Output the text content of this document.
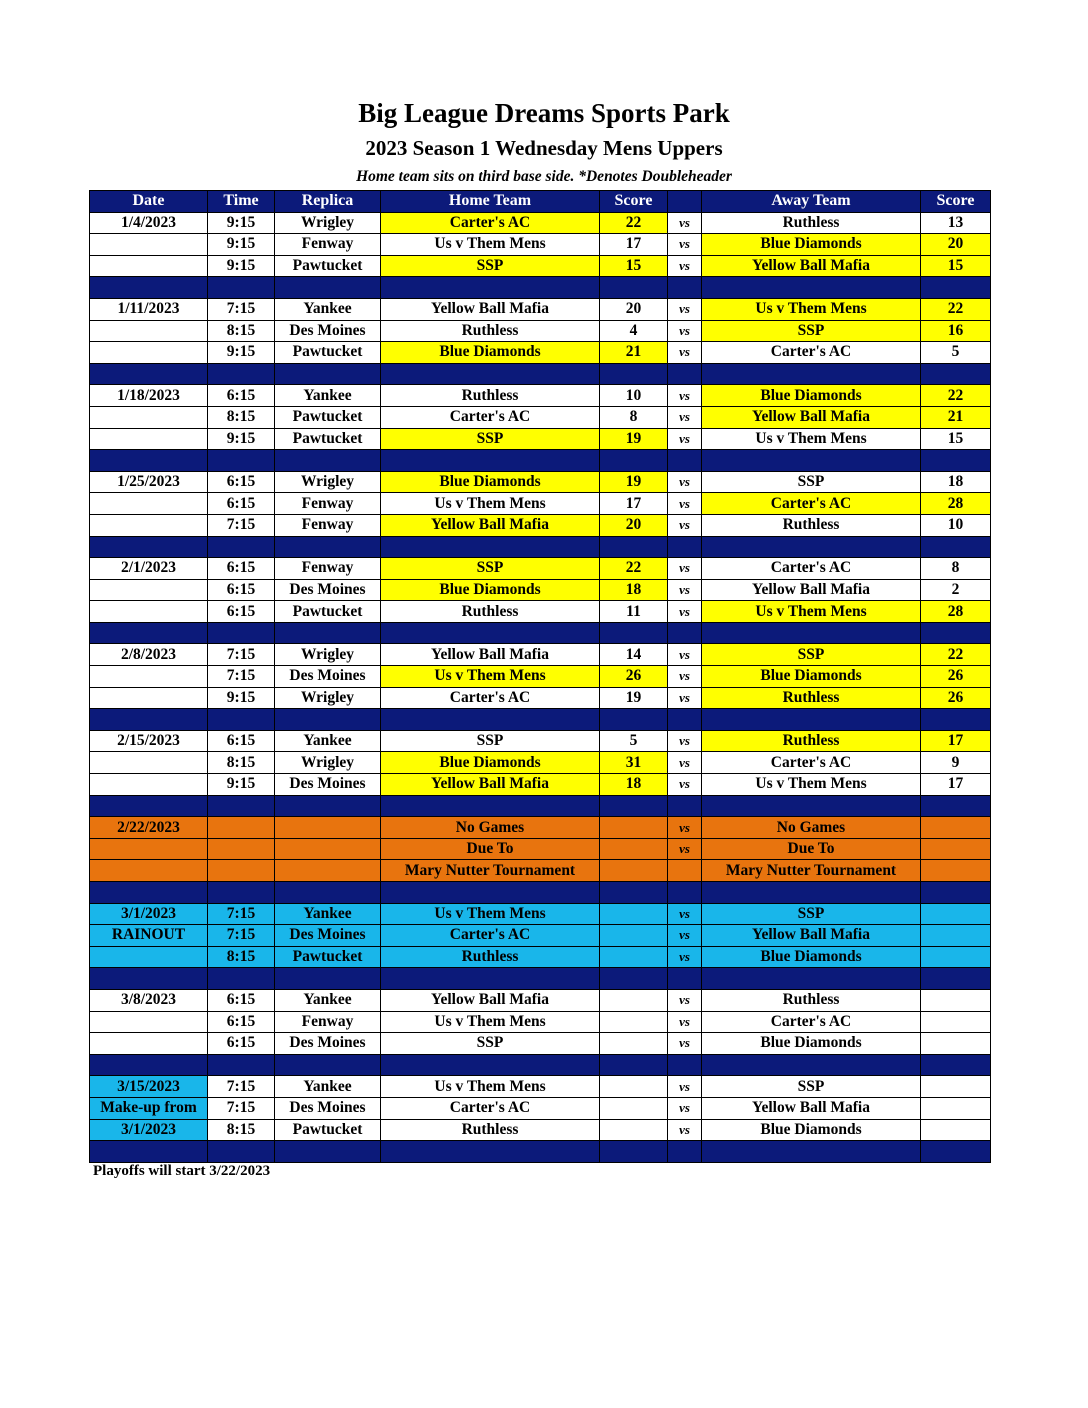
Big League Dreams Sports Park
2023 Season 1 Wednesday Mens Uppers
Home team sits on third base side. *Denotes Doubleheader
Date	Time	Replica	Home Team	Score		Away Team	Score
1/4/2023	9:15	Wrigley	Carter's AC	22	vs	Ruthless	13
	9:15	Fenway	Us v Them Mens	17	vs	Blue Diamonds	20
	9:15	Pawtucket	SSP	15	vs	Yellow Ball Mafia	15

1/11/2023	7:15	Yankee	Yellow Ball Mafia	20	vs	Us v Them Mens	22
	8:15	Des Moines	Ruthless	4	vs	SSP	16
	9:15	Pawtucket	Blue Diamonds	21	vs	Carter's AC	5

1/18/2023	6:15	Yankee	Ruthless	10	vs	Blue Diamonds	22
	8:15	Pawtucket	Carter's AC	8	vs	Yellow Ball Mafia	21
	9:15	Pawtucket	SSP	19	vs	Us v Them Mens	15

1/25/2023	6:15	Wrigley	Blue Diamonds	19	vs	SSP	18
	6:15	Fenway	Us v Them Mens	17	vs	Carter's AC	28
	7:15	Fenway	Yellow Ball Mafia	20	vs	Ruthless	10

2/1/2023	6:15	Fenway	SSP	22	vs	Carter's AC	8
	6:15	Des Moines	Blue Diamonds	18	vs	Yellow Ball Mafia	2
	6:15	Pawtucket	Ruthless	11	vs	Us v Them Mens	28

2/8/2023	7:15	Wrigley	Yellow Ball Mafia	14	vs	SSP	22
	7:15	Des Moines	Us v Them Mens	26	vs	Blue Diamonds	26
	9:15	Wrigley	Carter's AC	19	vs	Ruthless	26

2/15/2023	6:15	Yankee	SSP	5	vs	Ruthless	17
	8:15	Wrigley	Blue Diamonds	31	vs	Carter's AC	9
	9:15	Des Moines	Yellow Ball Mafia	18	vs	Us v Them Mens	17

2/22/2023			No Games		vs	No Games	
			Due To		vs	Due To	
			Mary Nutter Tournament			Mary Nutter Tournament	

3/1/2023	7:15	Yankee	Us v Them Mens		vs	SSP	
RAINOUT	7:15	Des Moines	Carter's AC		vs	Yellow Ball Mafia	
	8:15	Pawtucket	Ruthless		vs	Blue Diamonds	

3/8/2023	6:15	Yankee	Yellow Ball Mafia		vs	Ruthless	
	6:15	Fenway	Us v Them Mens		vs	Carter's AC	
	6:15	Des Moines	SSP		vs	Blue Diamonds	

3/15/2023	7:15	Yankee	Us v Them Mens		vs	SSP	
Make-up from	7:15	Des Moines	Carter's AC		vs	Yellow Ball Mafia	
3/1/2023	8:15	Pawtucket	Ruthless		vs	Blue Diamonds	

Playoffs will start 3/22/2023
